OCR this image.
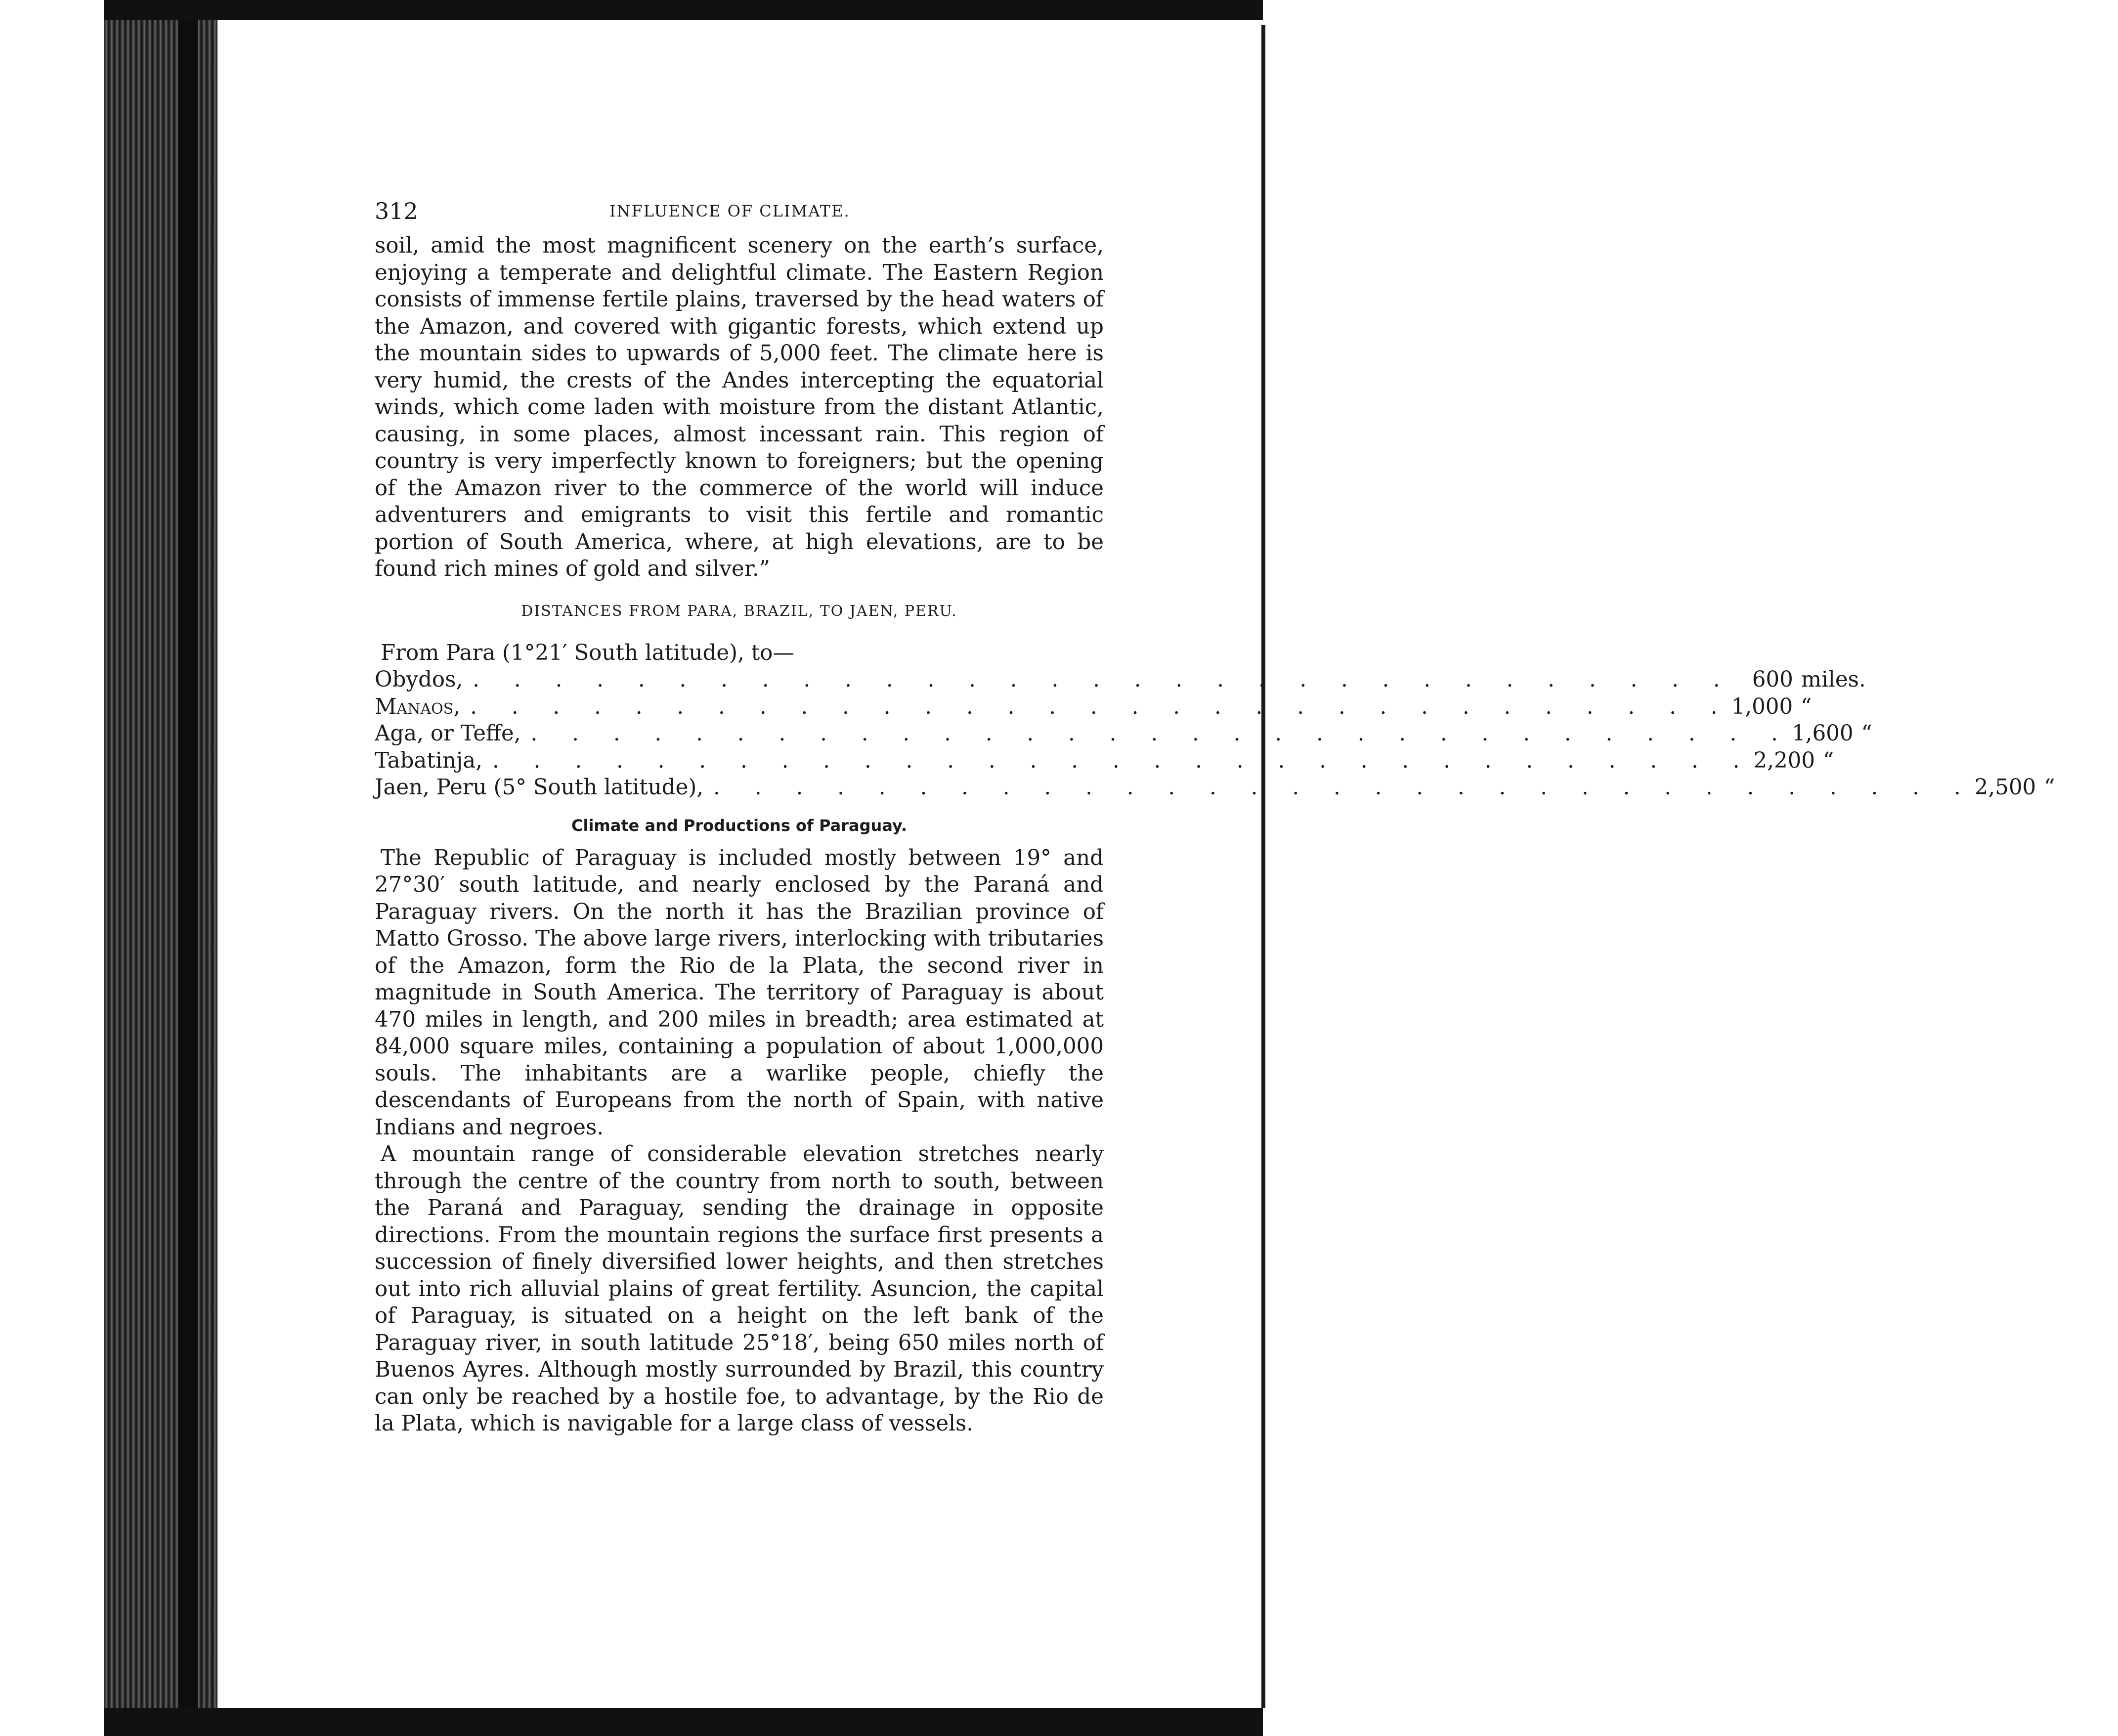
312	INFLUENCE OF CLIMATE.

soil, amid the most magnificent scenery on the earth’s surface, enjoying a temperate and delightful climate. The Eastern Region consists of immense fertile plains, traversed by the head waters of the Amazon, and covered with gigantic forests, which extend up the mountain sides to upwards of 5,000 feet. The climate here is very humid, the crests of the Andes intercepting the equatorial winds, which come laden with moisture from the distant Atlantic, causing, in some places, almost incessant rain. This region of country is very imperfectly known to foreigners; but the opening of the Amazon river to the commerce of the world will induce adventurers and emigrants to visit this fertile and romantic portion of South America, where, at high elevations, are to be found rich mines of gold and silver.”

DISTANCES FROM PARA, BRAZIL, TO JAEN, PERU.

From Para (1°21′ South latitude), to—

Obydos, . . . . . . . . . . . . . . . . . . . . . . . . . . . . . . . 600 miles.
Manaos, . . . . . . . . . . . . . . . . . . . . . . . . . . . . . . . 1,000 “
Aga, or Teffe, . . . . . . . . . . . . . . . . . . . . . . . . . . . . . . . 1,600 “
Tabatinja, . . . . . . . . . . . . . . . . . . . . . . . . . . . . . . . 2,200 “
Jaen, Peru (5° South latitude), . . . . . . . . . . . . . . . . . . . . . . . . . . . . . . . 2,500 “
Climate and Productions of Paraguay.

The Republic of Paraguay is included mostly between 19° and 27°30′ south latitude, and nearly enclosed by the Paraná and Paraguay rivers. On the north it has the Brazilian province of Matto Grosso. The above large rivers, interlocking with tributaries of the Amazon, form the Rio de la Plata, the second river in magnitude in South America. The territory of Paraguay is about 470 miles in length, and 200 miles in breadth; area estimated at 84,000 square miles, containing a population of about 1,000,000 souls. The inhabitants are a warlike people, chiefly the descendants of Europeans from the north of Spain, with native Indians and negroes.

A mountain range of considerable elevation stretches nearly through the centre of the country from north to south, between the Paraná and Paraguay, sending the drainage in opposite directions. From the mountain regions the surface first presents a succession of finely diversified lower heights, and then stretches out into rich alluvial plains of great fertility. Asuncion, the capital of Paraguay, is situated on a height on the left bank of the Paraguay river, in south latitude 25°18′, being 650 miles north of Buenos Ayres. Although mostly surrounded by Brazil, this country can only be reached by a hostile foe, to advantage, by the Rio de la Plata, which is navigable for a large class of vessels.
